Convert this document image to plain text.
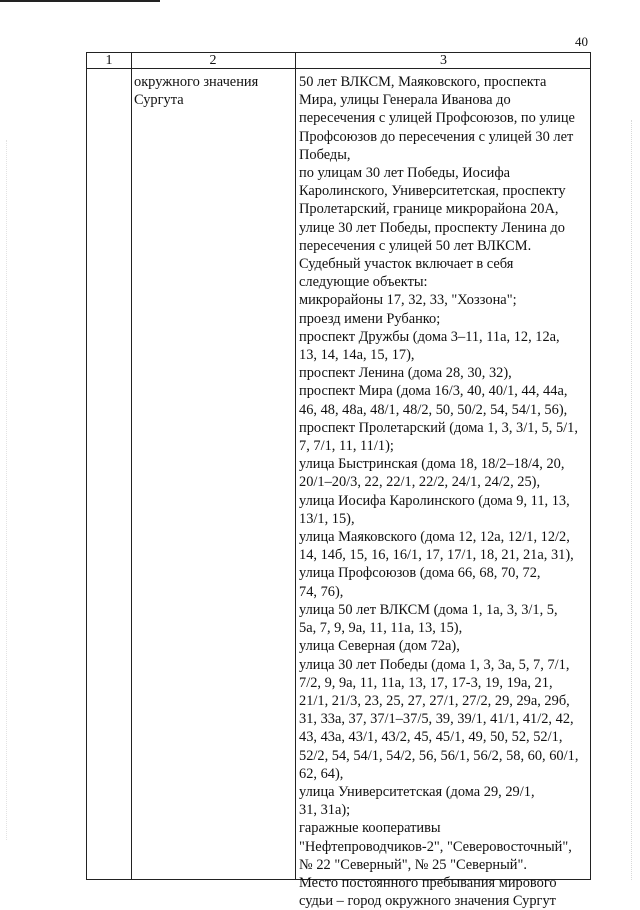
40
1	2	3
окружного значения
Сургута
50 лет ВЛКСМ, Маяковского, проспекта
Мира, улицы Генерала Иванова до
пересечения с улицей Профсоюзов, по улице
Профсоюзов до пересечения с улицей 30 лет
Победы,
по улицам 30 лет Победы, Иосифа
Каролинского, Университетская, проспекту
Пролетарский, границе микрорайона 20А,
улице 30 лет Победы, проспекту Ленина до
пересечения с улицей 50 лет ВЛКСМ.
Судебный участок включает в себя
следующие объекты:
микрорайоны 17, 32, 33, "Хоззона";
проезд имени Рубанко;
проспект Дружбы (дома 3–11, 11а, 12, 12а,
13, 14, 14а, 15, 17),
проспект Ленина (дома 28, 30, 32),
проспект Мира (дома 16/3, 40, 40/1, 44, 44а,
46, 48, 48а, 48/1, 48/2, 50, 50/2, 54, 54/1, 56),
проспект Пролетарский (дома 1, 3, 3/1, 5, 5/1,
7, 7/1, 11, 11/1);
улица Быстринская (дома 18, 18/2–18/4, 20,
20/1–20/3, 22, 22/1, 22/2, 24/1, 24/2, 25),
улица Иосифа Каролинского (дома 9, 11, 13,
13/1, 15),
улица Маяковского (дома 12, 12а, 12/1, 12/2,
14, 14б, 15, 16, 16/1, 17, 17/1, 18, 21, 21а, 31),
улица Профсоюзов (дома 66, 68, 70, 72,
74, 76),
улица 50 лет ВЛКСМ (дома 1, 1а, 3, 3/1, 5,
5а, 7, 9, 9а, 11, 11а, 13, 15),
улица Северная (дом 72а),
улица 30 лет Победы (дома 1, 3, 3а, 5, 7, 7/1,
7/2, 9, 9а, 11, 11а, 13, 17, 17-3, 19, 19а, 21,
21/1, 21/3, 23, 25, 27, 27/1, 27/2, 29, 29а, 29б,
31, 33а, 37, 37/1–37/5, 39, 39/1, 41/1, 41/2, 42,
43, 43а, 43/1, 43/2, 45, 45/1, 49, 50, 52, 52/1,
52/2, 54, 54/1, 54/2, 56, 56/1, 56/2, 58, 60, 60/1,
62, 64),
улица Университетская (дома 29, 29/1,
31, 31а);
гаражные кооперативы
"Нефтепроводчиков-2", "Северовосточный",
№ 22 "Северный", № 25 "Северный".
Место постоянного пребывания мирового
судьи – город окружного значения Сургут
